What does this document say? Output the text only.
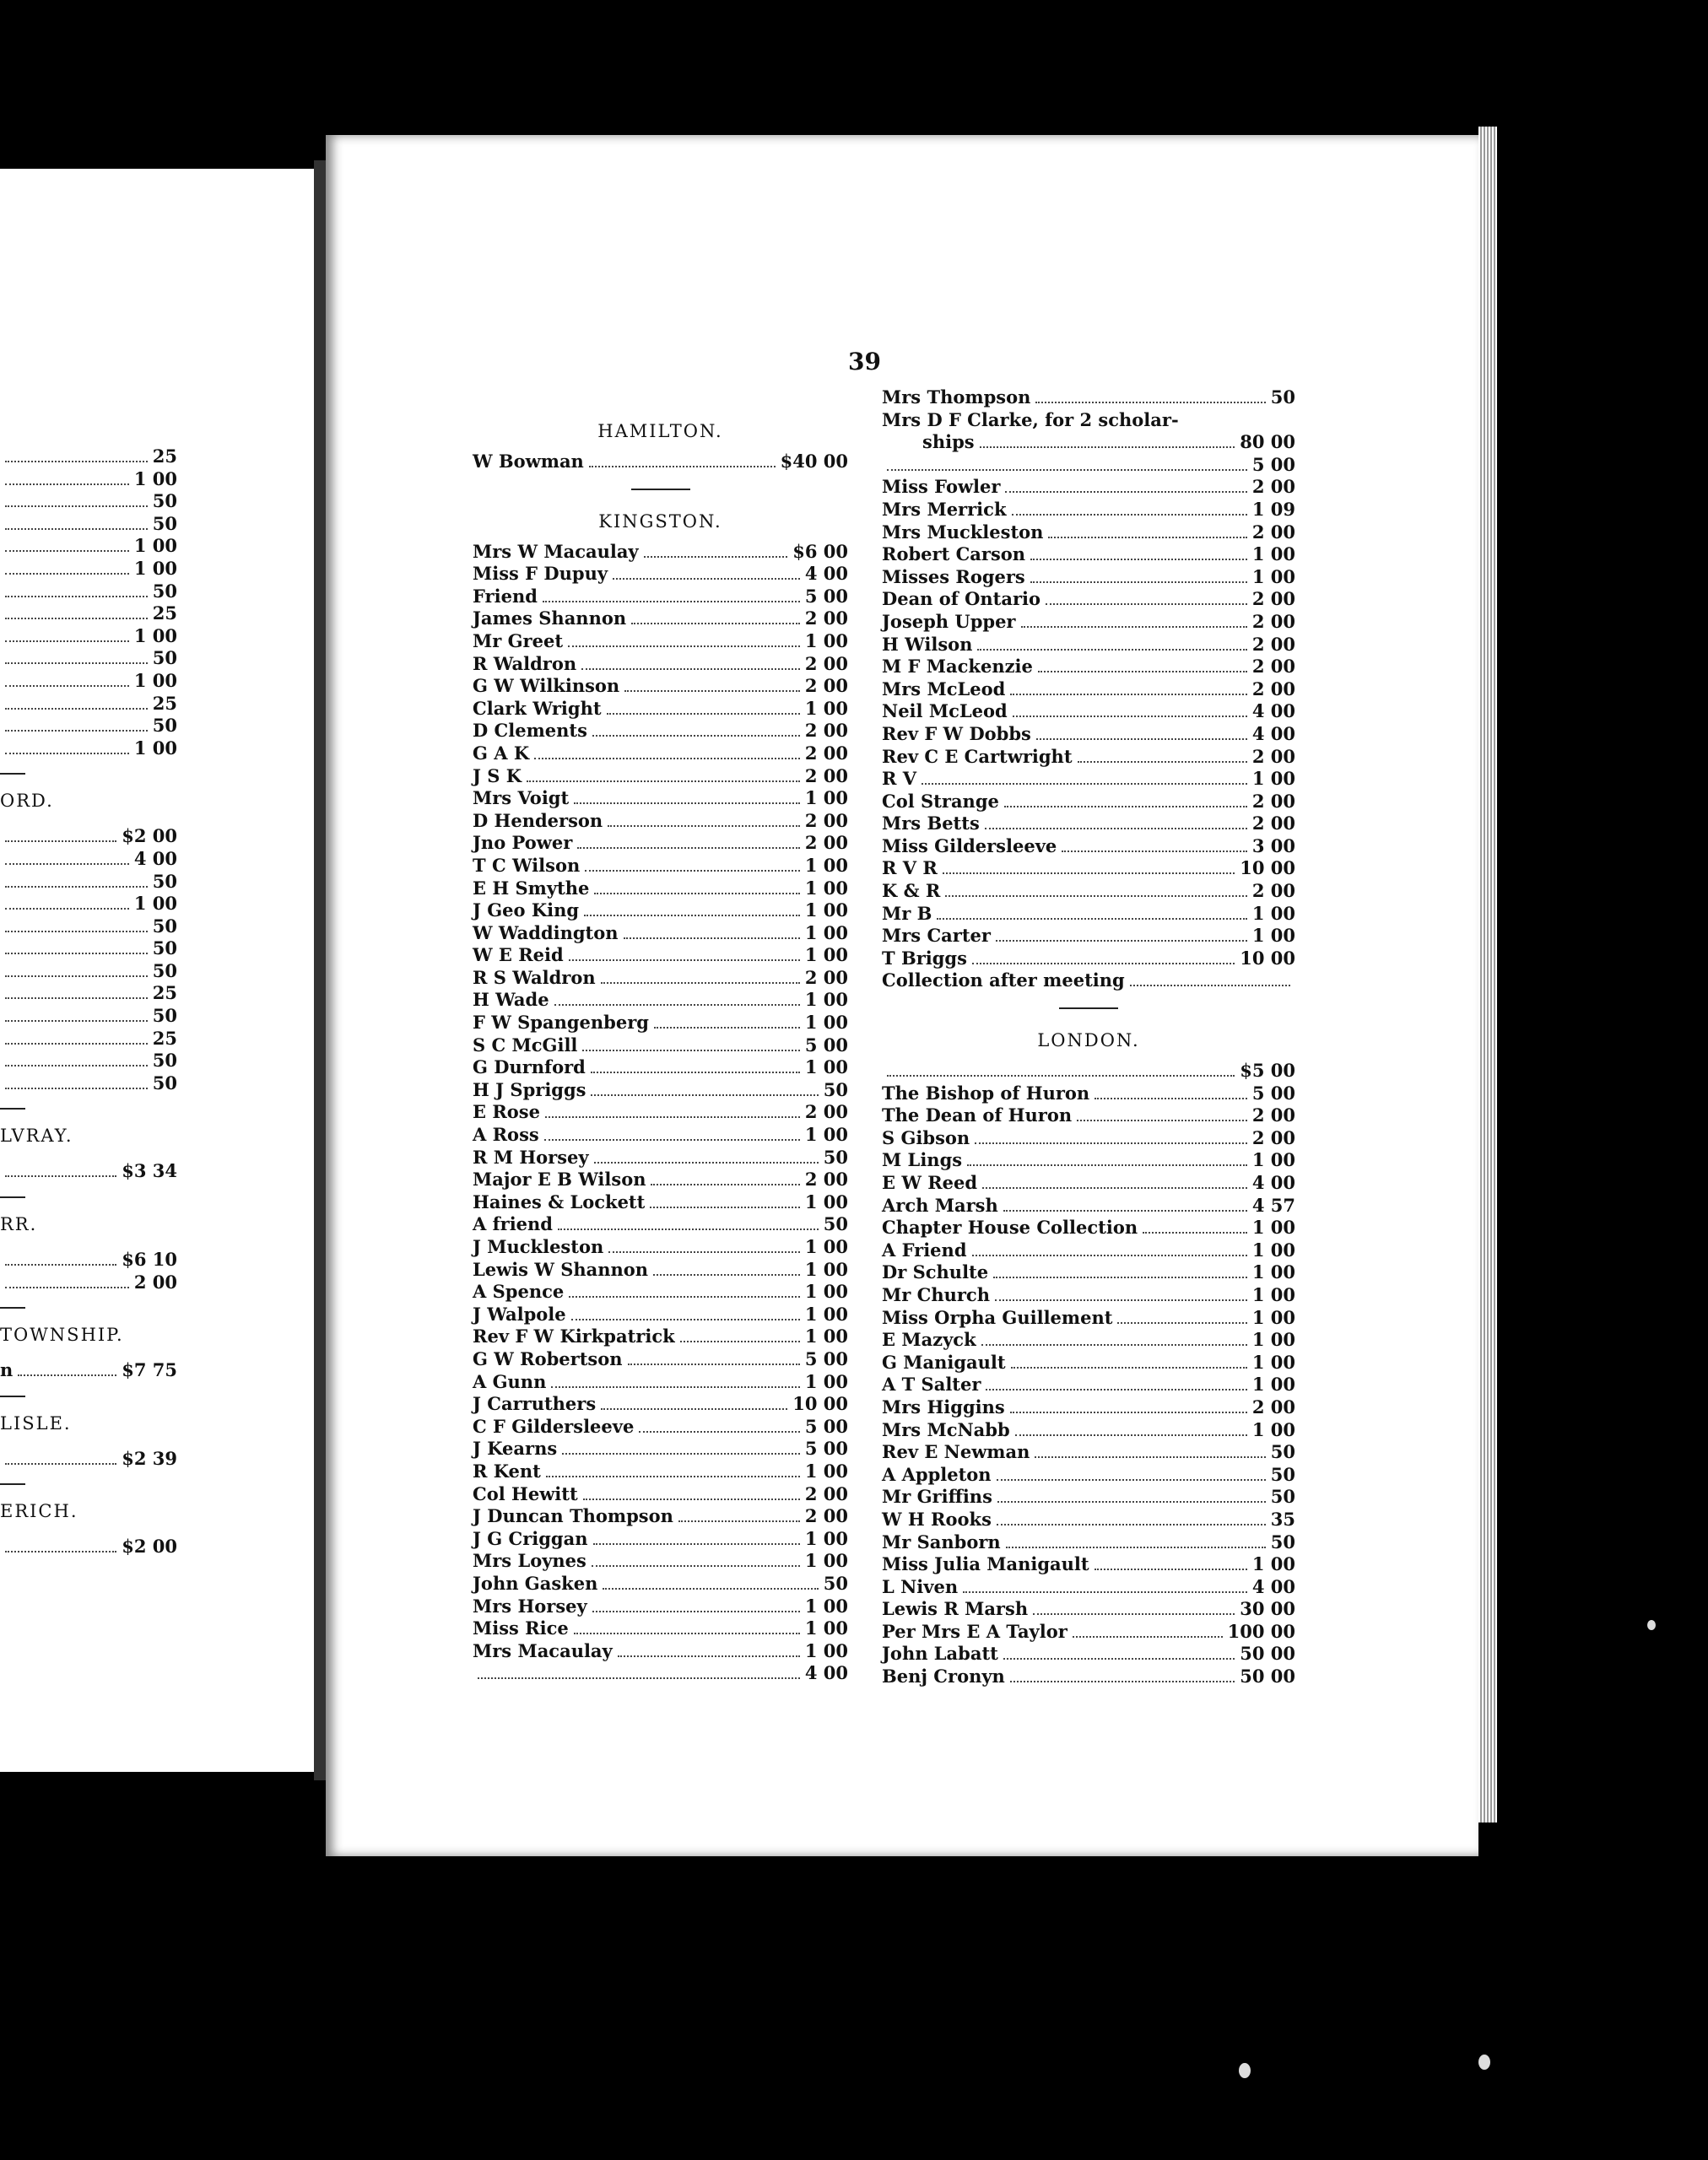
25
1 00
50
50
1 00
1 00
50
25
1 00
50
1 00
25
50
1 00
ORD.
$2 00
4 00
50
1 00
50
50
50
25
50
25
50
50
LVRAY.
$3 34
RR.
$6 10
2 00
TOWNSHIP.
n	$7 75
LISLE.
$2 39
ERICH.
$2 00
39
HAMILTON.
W Bowman	$40 00
KINGSTON.
Mrs W Macaulay	$6 00
Miss F Dupuy	4 00
Friend	5 00
James Shannon	2 00
Mr Greet	1 00
R Waldron	2 00
G W Wilkinson	2 00
Clark Wright	1 00
D Clements	2 00
G A K	2 00
J S K	2 00
Mrs Voigt	1 00
D Henderson	2 00
Jno Power	2 00
T C Wilson	1 00
E H Smythe	1 00
J Geo King	1 00
W Waddington	1 00
W E Reid	1 00
R S Waldron	2 00
H Wade	1 00
F W Spangenberg	1 00
S C McGill	5 00
G Durnford	1 00
H J Spriggs	50
E Rose	2 00
A Ross	1 00
R M Horsey	50
Major E B Wilson	2 00
Haines & Lockett	1 00
A friend	50
J Muckleston	1 00
Lewis W Shannon	1 00
A Spence	1 00
J Walpole	1 00
Rev F W Kirkpatrick	1 00
G W Robertson	5 00
A Gunn	1 00
J Carruthers	10 00
C F Gildersleeve	5 00
J Kearns	5 00
R Kent	1 00
Col Hewitt	2 00
J Duncan Thompson	2 00
J G Criggan	1 00
Mrs Loynes	1 00
John Gasken	50
Mrs Horsey	1 00
Miss Rice	1 00
Mrs Macaulay	1 00
4 00
Mrs Thompson	50
Mrs D F Clarke, for 2 scholar-
ships	80 00
5 00
Miss Fowler	2 00
Mrs Merrick	1 09
Mrs Muckleston	2 00
Robert Carson	1 00
Misses Rogers	1 00
Dean of Ontario	2 00
Joseph Upper	2 00
H Wilson	2 00
M F Mackenzie	2 00
Mrs McLeod	2 00
Neil McLeod	4 00
Rev F W Dobbs	4 00
Rev C E Cartwright	2 00
R V	1 00
Col Strange	2 00
Mrs Betts	2 00
Miss Gildersleeve	3 00
R V R	10 00
K & R	2 00
Mr B	1 00
Mrs Carter	1 00
T Briggs	10 00
Collection after meeting
LONDON.
$5 00
The Bishop of Huron	5 00
The Dean of Huron	2 00
S Gibson	2 00
M Lings	1 00
E W Reed	4 00
Arch Marsh	4 57
Chapter House Collection	1 00
A Friend	1 00
Dr Schulte	1 00
Mr Church	1 00
Miss Orpha Guillement	1 00
E Mazyck	1 00
G Manigault	1 00
A T Salter	1 00
Mrs Higgins	2 00
Mrs McNabb	1 00
Rev E Newman	50
A Appleton	50
Mr Griffins	50
W H Rooks	35
Mr Sanborn	50
Miss Julia Manigault	1 00
L Niven	4 00
Lewis R Marsh	30 00
Per Mrs E A Taylor	100 00
John Labatt	50 00
Benj Cronyn	50 00
